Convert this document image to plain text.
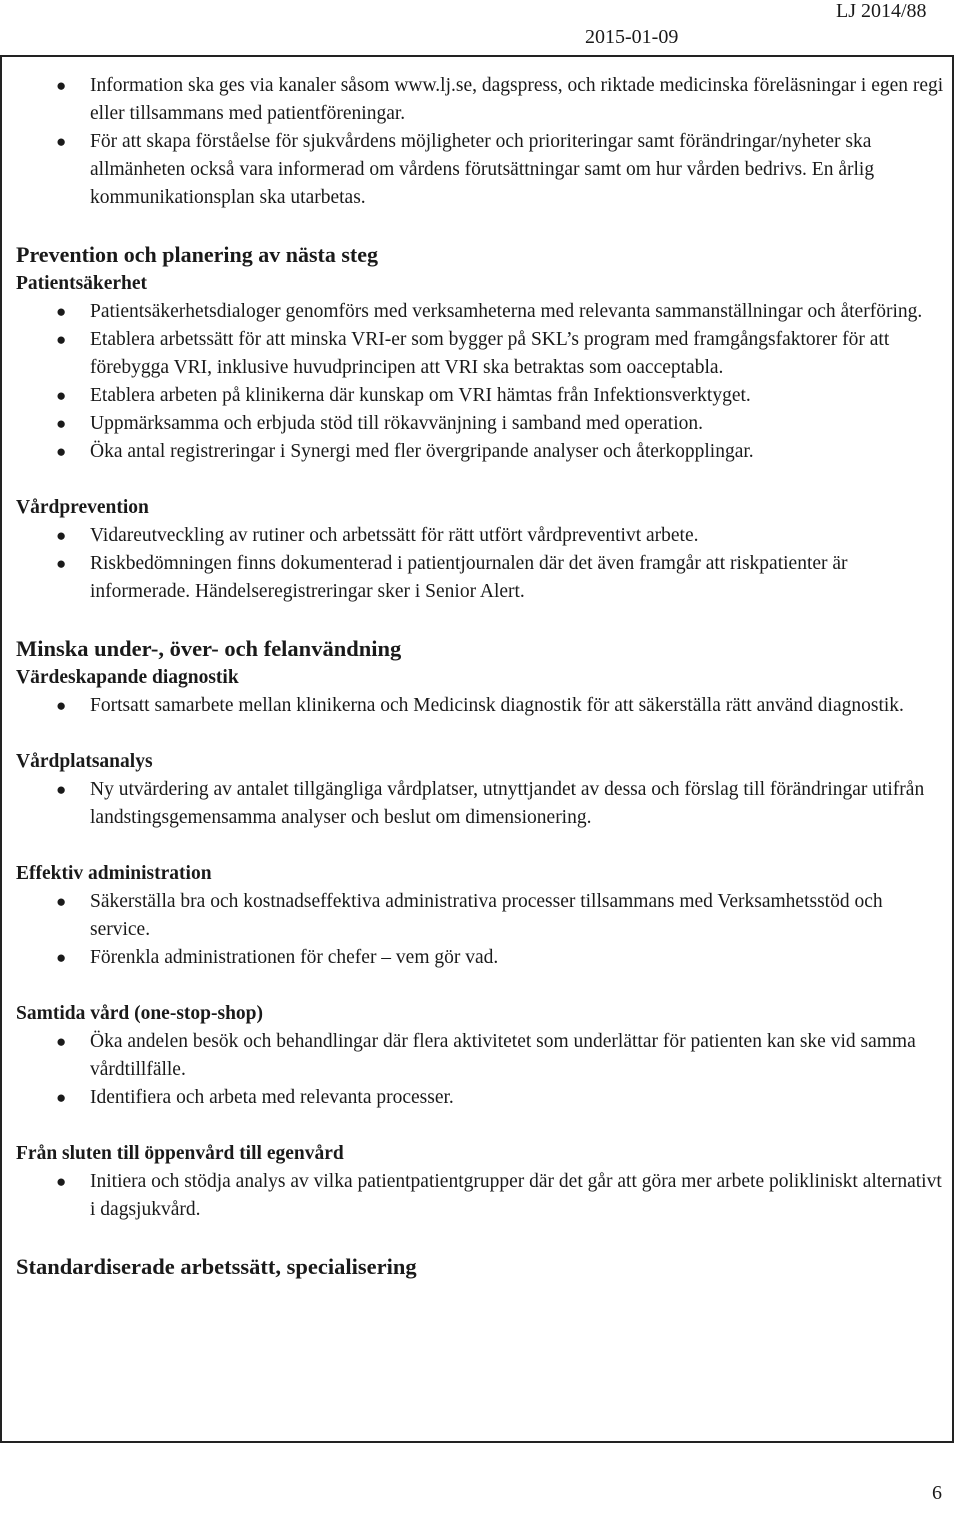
2015-01-09
LJ 2014/88
● Information ska ges via kanaler såsom www.lj.se, dagspress, och riktade medicinska föreläsningar i egen regi eller tillsammans med patientföreningar.
● För att skapa förståelse för sjukvårdens möjligheter och prioriteringar samt förändringar/nyheter ska allmänheten också vara informerad om vårdens förutsättningar samt om hur vården bedrivs. En årlig kommunikationsplan ska utarbetas.
Prevention och planering av nästa steg
Patientsäkerhet
● Patientsäkerhetsdialoger genomförs med verksamheterna med relevanta sammanställningar och återföring.
● Etablera arbetssätt för att minska VRI-er som bygger på SKL’s program med framgångsfaktorer för att förebygga VRI, inklusive huvudprincipen att VRI ska betraktas som oacceptabla.
● Etablera arbeten på klinikerna där kunskap om VRI hämtas från Infektionsverktyget.
● Uppmärksamma och erbjuda stöd till rökavvänjning i samband med operation.
● Öka antal registreringar i Synergi med fler övergripande analyser och återkopplingar.
Vårdprevention
● Vidareutveckling av rutiner och arbetssätt för rätt utfört vårdpreventivt arbete.
● Riskbedömningen finns dokumenterad i patientjournalen där det även framgår att riskpatienter är informerade. Händelseregistreringar sker i Senior Alert.
Minska under-, över- och felanvändning
Värdeskapande diagnostik
● Fortsatt samarbete mellan klinikerna och Medicinsk diagnostik för att säkerställa rätt använd diagnostik.
Vårdplatsanalys
● Ny utvärdering av antalet tillgängliga vårdplatser, utnyttjandet av dessa och förslag till förändringar utifrån landstingsgemensamma analyser och beslut om dimensionering.
Effektiv administration
● Säkerställa bra och kostnadseffektiva administrativa processer tillsammans med Verksamhetsstöd och service.
● Förenkla administrationen för chefer – vem gör vad.
Samtida vård (one-stop-shop)
● Öka andelen besök och behandlingar där flera aktivitetet som underlättar för patienten kan ske vid samma vårdtillfälle.
● Identifiera och arbeta med relevanta processer.
Från sluten till öppenvård till egenvård
● Initiera och stödja analys av vilka patientpatientgrupper där det går att göra mer arbete polikliniskt alternativt i dagsjukvård.
Standardiserade arbetssätt, specialisering
6
